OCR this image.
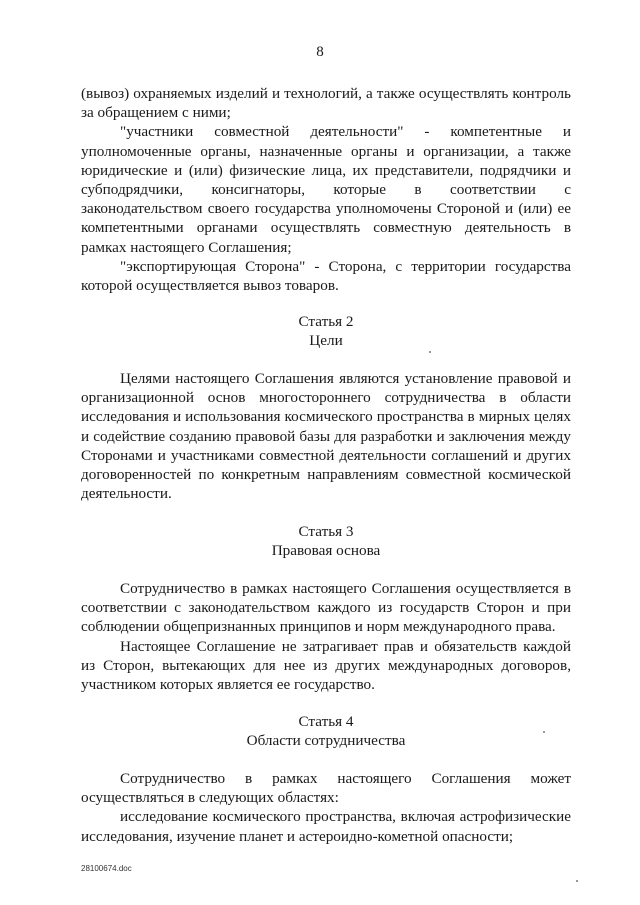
8

(вывоз) охраняемых изделий и технологий, а также осуществлять контроль за обращением с ними;

"участники совместной деятельности" - компетентные и уполномоченные органы, назначенные органы и организации, а также юридические и (или) физические лица, их представители, подрядчики и субподрядчики, консигнаторы, которые в соответствии с законодательством своего государства уполномочены Стороной и (или) ее компетентными органами осуществлять совместную деятельность в рамках настоящего Соглашения;

"экспортирующая Сторона" - Сторона, с территории государства которой осуществляется вывоз товаров.

Статья 2

Цели

Целями настоящего Соглашения являются установление правовой и организационной основ многостороннего сотрудничества в области исследования и использования космического пространства в мирных целях и содействие созданию правовой базы для разработки и заключения между Сторонами и участниками совместной деятельности соглашений и других договоренностей по конкретным направлениям совместной космической деятельности.

Статья 3

Правовая основа

Сотрудничество в рамках настоящего Соглашения осуществляется в соответствии с законодательством каждого из государств Сторон и при соблюдении общепризнанных принципов и норм международного права.

Настоящее Соглашение не затрагивает прав и обязательств каждой из Сторон, вытекающих для нее из других международных договоров, участником которых является ее государство.

Статья 4

Области сотрудничества

Сотрудничество в рамках настоящего Соглашения может осуществляться в следующих областях:

исследование космического пространства, включая астрофизические исследования, изучение планет и астероидно-кометной опасности;

28100674.doc
